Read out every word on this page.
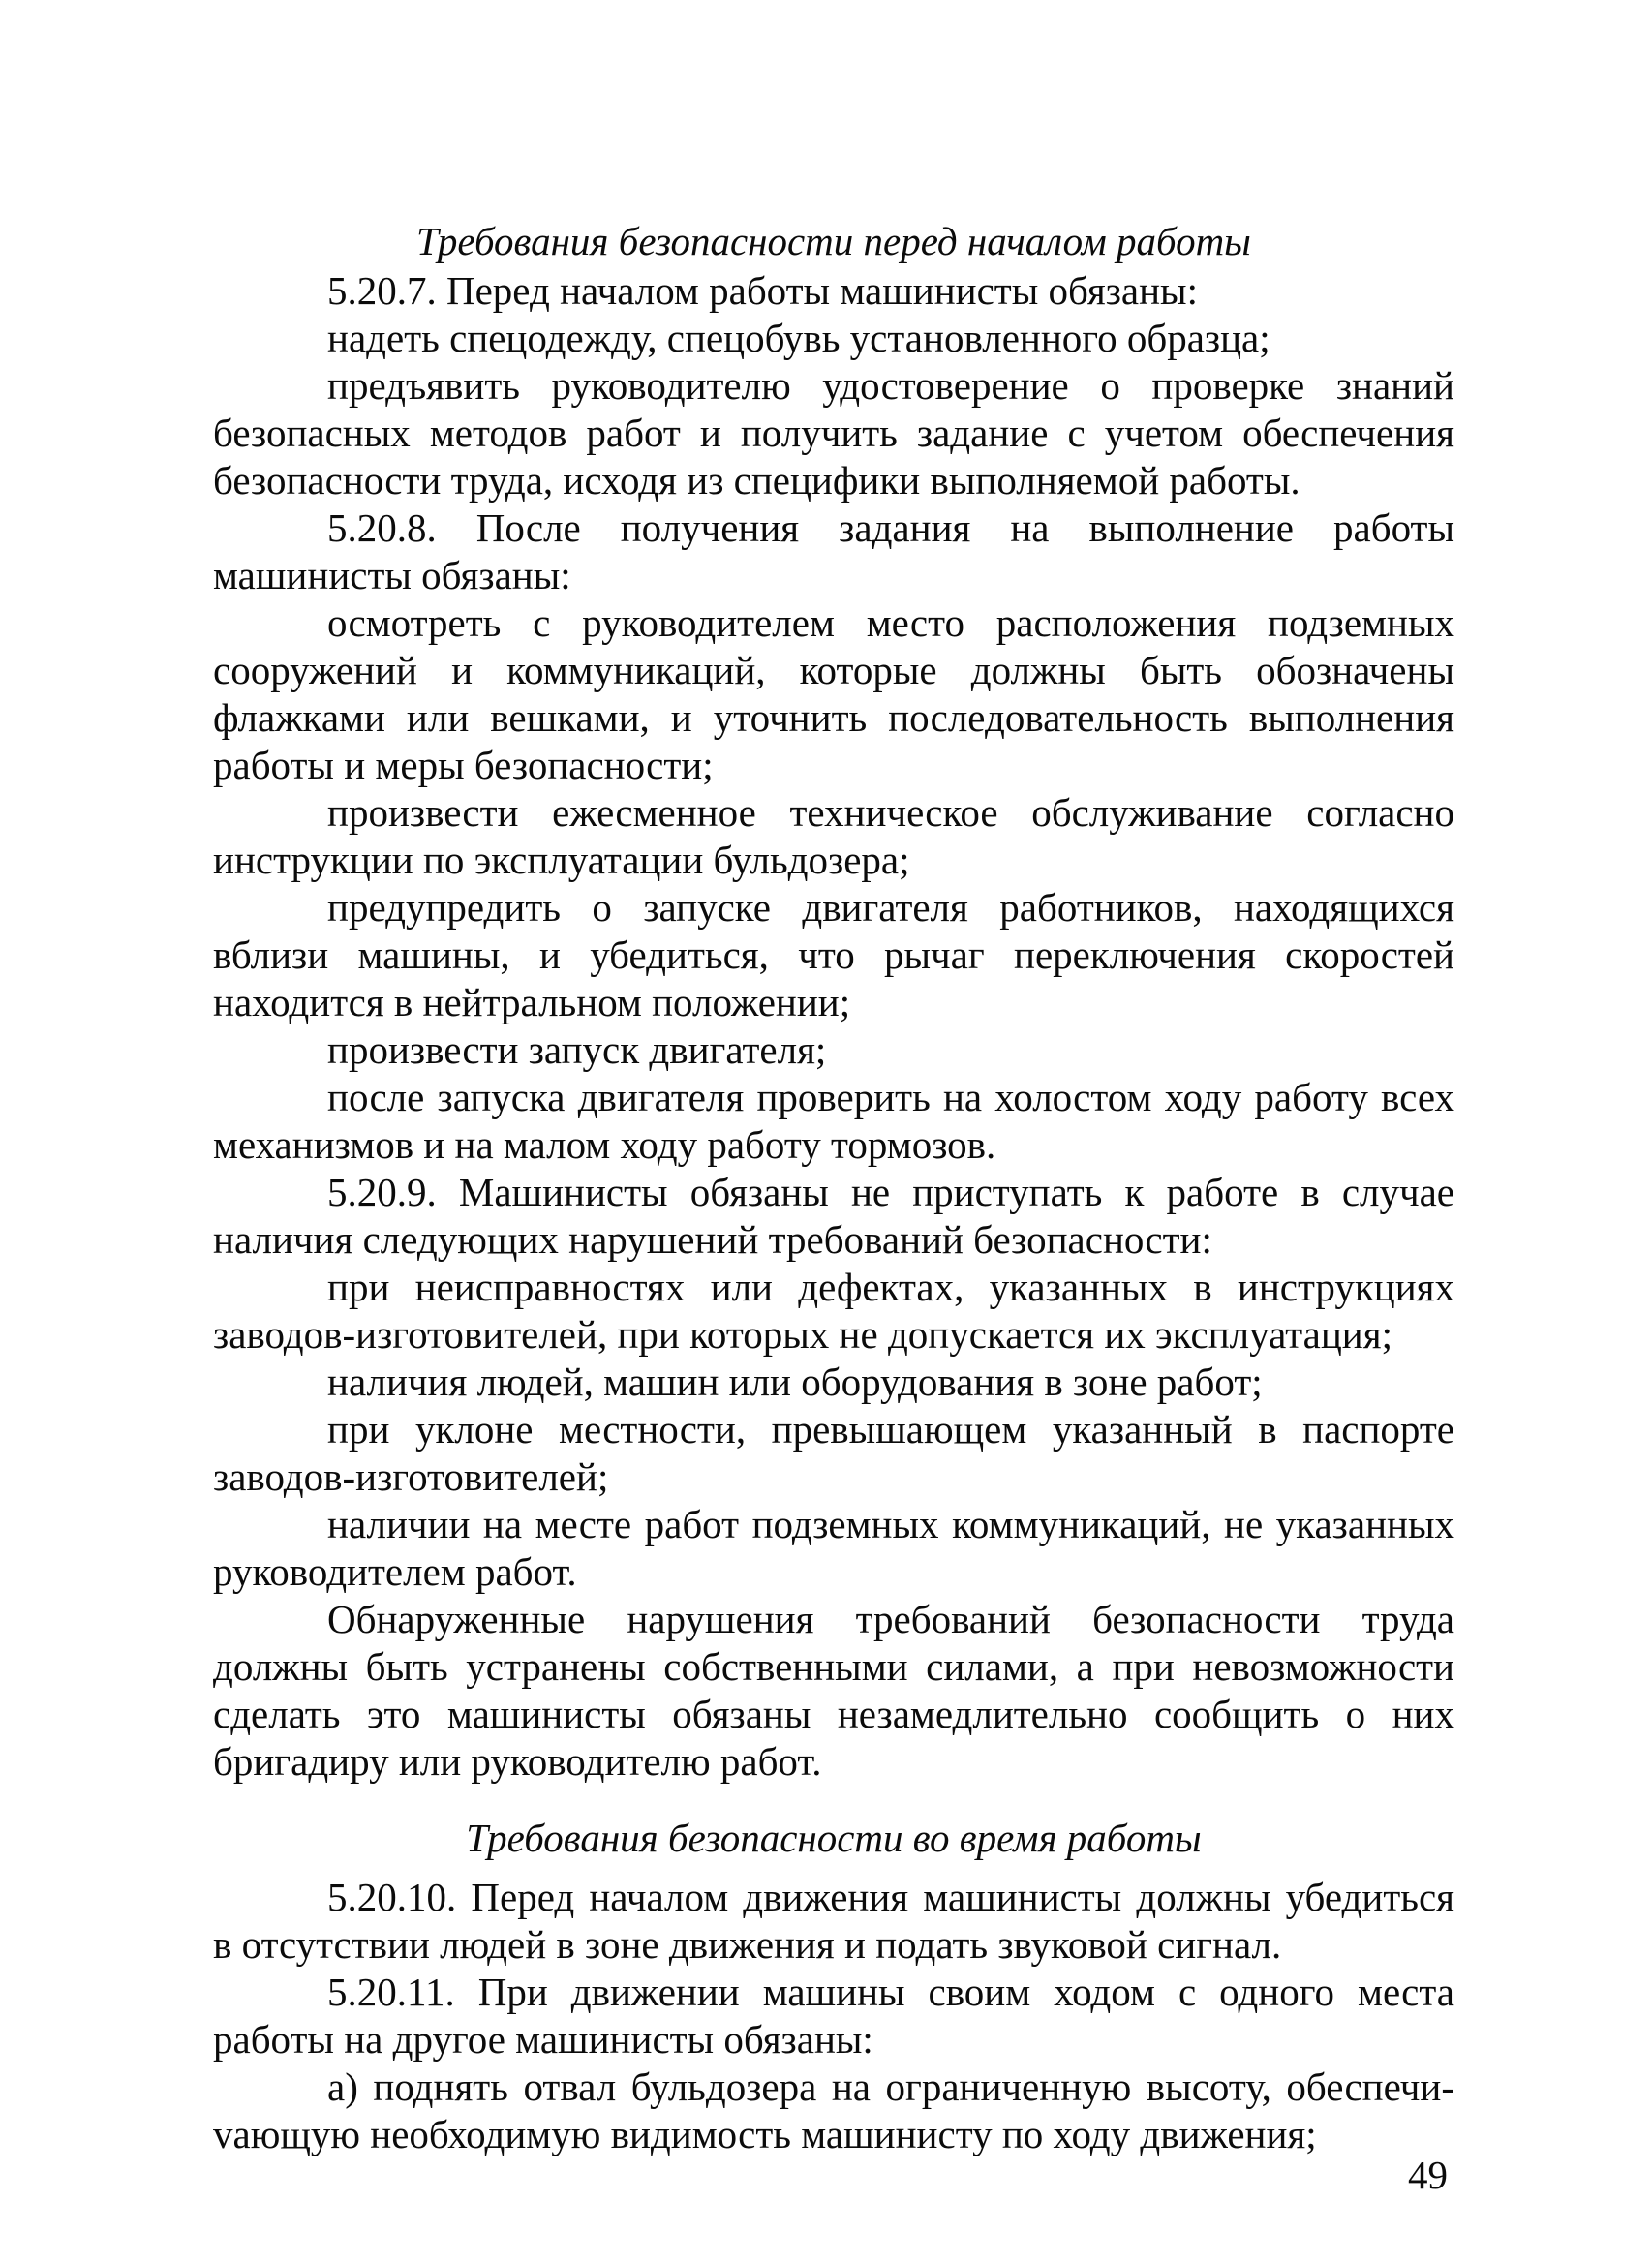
Требования безопасности перед началом работы

5.20.7. Перед началом работы машинисты обязаны:

надеть спецодежду, спецобувь установленного образца;

предъявить руководителю удостоверение о проверке знаний безопасных методов работ и получить задание с учетом обеспечения безопасности труда, исходя из специфики выполняемой работы.

5.20.8. После получения задания на выполнение работы машинисты обязаны:

осмотреть с руководителем место расположения подземных сооружений и коммуникаций, которые должны быть обозначены флажками или вешками, и уточнить последовательность выполнения работы и меры безопасности;

произвести ежесменное техническое обслуживание согласно инструкции по эксплуатации бульдозера;

предупредить о запуске двигателя работников, находящихся вблизи машины, и убедиться, что рычаг переключения скоростей находится в нейтральном положении;

произвести запуск двигателя;

после запуска двигателя проверить на холостом ходу работу всех механизмов и на малом ходу работу тормозов.

5.20.9. Машинисты обязаны не приступать к работе в случае наличия следующих нарушений требований безопасности:

при неисправностях или дефектах, указанных в инструкциях заводов-изготовителей, при которых не допускается их эксплуатация;

наличия людей, машин или оборудования в зоне работ;

при уклоне местности, превышающем указанный в паспорте заводов-изготовителей;

наличии на месте работ подземных коммуникаций, не указанных руководителем работ.

Обнаруженные нарушения требований безопасности труда должны быть устранены собственными силами, а при невозможности сделать это машинисты обязаны незамедлительно сообщить о них бригадиру или руководителю работ.

Требования безопасности во время работы

5.20.10. Перед началом движения машинисты должны убедиться в отсутствии людей в зоне движения и подать звуковой сигнал.

5.20.11. При движении машины своим ходом с одного места работы на другое машинисты обязаны:

а) поднять отвал бульдозера на ограниченную высоту, обеспечиvающую необходимую видимость машинисту по ходу движения;

49
